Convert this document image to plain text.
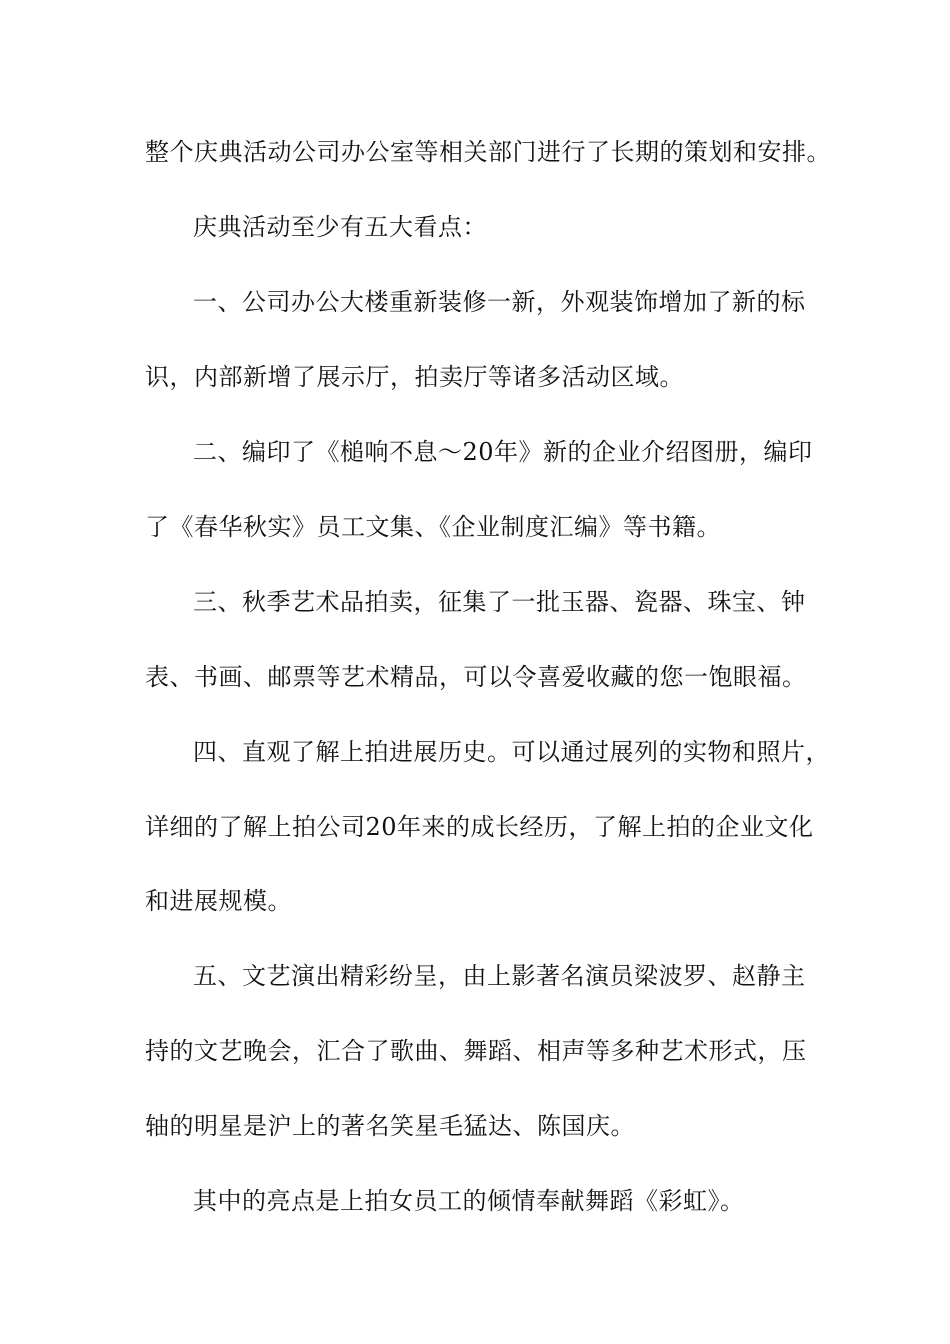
整个庆典活动公司办公室等相关部门进行了长期的策划和安排。
庆典活动至少有五大看点：
一、公司办公大楼重新装修一新，外观装饰增加了新的标
识，内部新增了展示厅，拍卖厅等诸多活动区域。
二、编印了《槌响不息～20年》新的企业介绍图册，编印
了《春华秋实》员工文集、《企业制度汇编》等书籍。
三、秋季艺术品拍卖，征集了一批玉器、瓷器、珠宝、钟
表、书画、邮票等艺术精品，可以令喜爱收藏的您一饱眼福。
四、直观了解上拍进展历史。可以通过展列的实物和照片，
详细的了解上拍公司20年来的成长经历，了解上拍的企业文化
和进展规模。
五、文艺演出精彩纷呈，由上影著名演员梁波罗、赵静主
持的文艺晚会，汇合了歌曲、舞蹈、相声等多种艺术形式，压
轴的明星是沪上的著名笑星毛猛达、陈国庆。
其中的亮点是上拍女员工的倾情奉献舞蹈《彩虹》。
